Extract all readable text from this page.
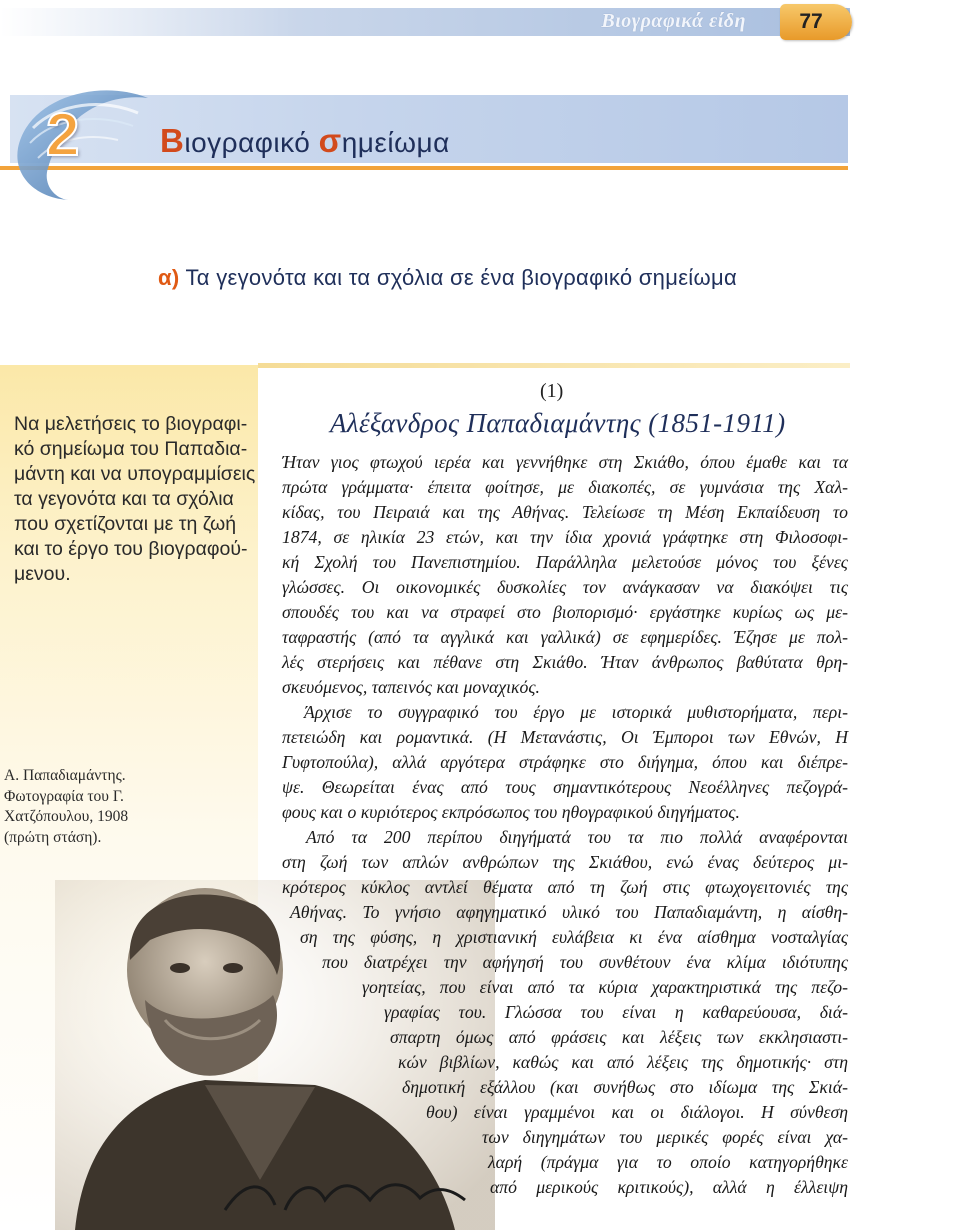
Βιογραφικά είδη	77
2 Βιογραφικό σημείωμα
α) Τα γεγονότα και τα σχόλια σε ένα βιογραφικό σημείωμα
Να μελετήσεις το βιογραφι-
κό σημείωμα του Παπαδια-
μάντη και να υπογραμμίσεις
τα γεγονότα και τα σχόλια
που σχετίζονται με τη ζωή
και το έργο του βιογραφού-
μενου.
Α. Παπαδιαμάντης.
Φωτογραφία του Γ.
Χατζόπουλου, 1908
(πρώτη στάση).
(1)
Αλέξανδρος Παπαδιαμάντης (1851-1911)
Ήταν γιος φτωχού ιερέα και γεννήθηκε στη Σκιάθο, όπου έμαθε και τα
πρώτα γράμματα· έπειτα φοίτησε, με διακοπές, σε γυμνάσια της Χαλ-
κίδας, του Πειραιά και της Αθήνας. Τελείωσε τη Μέση Εκπαίδευση το
1874, σε ηλικία 23 ετών, και την ίδια χρονιά γράφτηκε στη Φιλοσοφι-
κή Σχολή του Πανεπιστημίου. Παράλληλα μελετούσε μόνος του ξένες
γλώσσες. Οι οικονομικές δυσκολίες τον ανάγκασαν να διακόψει τις
σπουδές του και να στραφεί στο βιοπορισμό· εργάστηκε κυρίως ως με-
ταφραστής (από τα αγγλικά και γαλλικά) σε εφημερίδες. Έζησε με πολ-
λές στερήσεις και πέθανε στη Σκιάθο. Ήταν άνθρωπος βαθύτατα θρη-
σκευόμενος, ταπεινός και μοναχικός.
Άρχισε το συγγραφικό του έργο με ιστορικά μυθιστορήματα, περι-
πετειώδη και ρομαντικά. (Η Μετανάστις, Οι Έμποροι των Εθνών, Η
Γυφτοπούλα), αλλά αργότερα στράφηκε στο διήγημα, όπου και διέπρε-
ψε. Θεωρείται ένας από τους σημαντικότερους Νεοέλληνες πεζογρά-
φους και ο κυριότερος εκπρόσωπος του ηθογραφικού διηγήματος.
Από τα 200 περίπου διηγήματά του τα πιο πολλά αναφέρονται
στη ζωή των απλών ανθρώπων της Σκιάθου, ενώ ένας δεύτερος μι-
κρότερος κύκλος αντλεί θέματα από τη ζωή στις φτωχογειτονιές της
Αθήνας. Το γνήσιο αφηγηματικό υλικό του Παπαδιαμάντη, η αίσθη-
ση της φύσης, η χριστιανική ευλάβεια κι ένα αίσθημα νοσταλγίας
που διατρέχει την αφήγησή του συνθέτουν ένα κλίμα ιδιότυπης
γοητείας, που είναι από τα κύρια χαρακτηριστικά της πεζο-
γραφίας του. Γλώσσα του είναι η καθαρεύουσα, διά-
σπαρτη όμως από φράσεις και λέξεις των εκκλησιαστι-
κών βιβλίων, καθώς και από λέξεις της δημοτικής· στη
δημοτική εξάλλου (και συνήθως στο ιδίωμα της Σκιά-
θου) είναι γραμμένοι και οι διάλογοι. Η σύνθεση
των διηγημάτων του μερικές φορές είναι χα-
λαρή (πράγμα για το οποίο κατηγορήθηκε
από μερικούς κριτικούς), αλλά η έλλειψη
